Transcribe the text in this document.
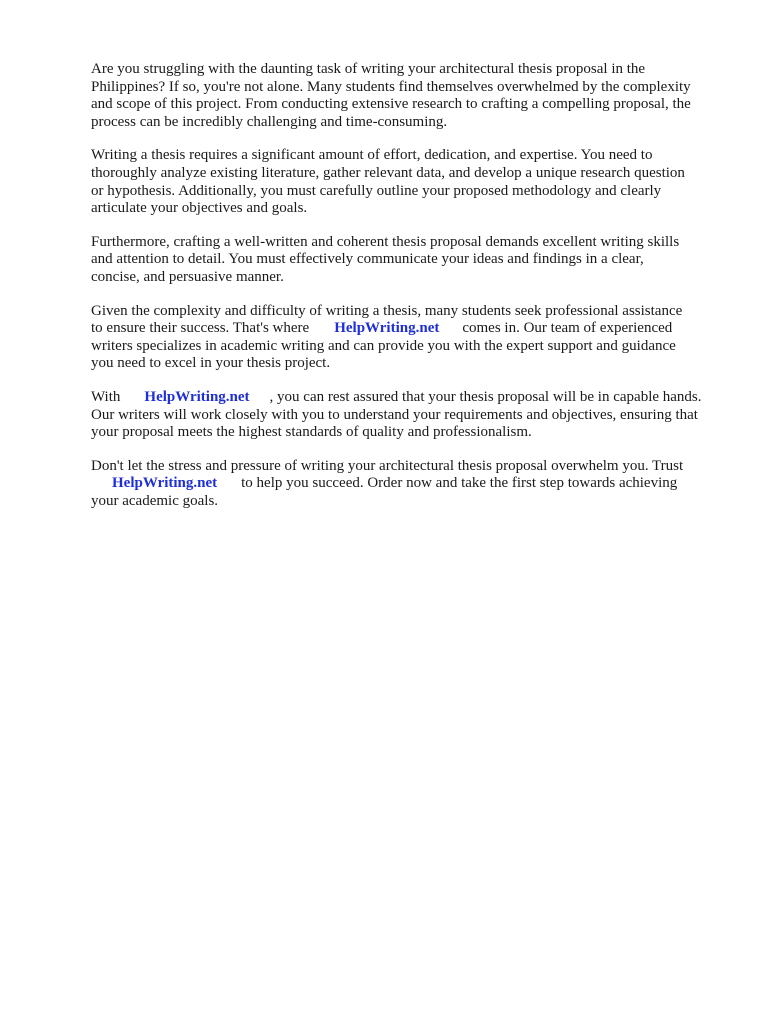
Are you struggling with the daunting task of writing your architectural thesis proposal in the
Philippines? If so, you're not alone. Many students find themselves overwhelmed by the complexity
and scope of this project. From conducting extensive research to crafting a compelling proposal, the
process can be incredibly challenging and time-consuming.

Writing a thesis requires a significant amount of effort, dedication, and expertise. You need to
thoroughly analyze existing literature, gather relevant data, and develop a unique research question
or hypothesis. Additionally, you must carefully outline your proposed methodology and clearly
articulate your objectives and goals.

Furthermore, crafting a well-written and coherent thesis proposal demands excellent writing skills
and attention to detail. You must effectively communicate your ideas and findings in a clear,
concise, and persuasive manner.

Given the complexity and difficulty of writing a thesis, many students seek professional assistance
to ensure their success. That's where HelpWriting.net comes in. Our team of experienced
writers specializes in academic writing and can provide you with the expert support and guidance
you need to excel in your thesis project.

With HelpWriting.net , you can rest assured that your thesis proposal will be in capable hands.
Our writers will work closely with you to understand your requirements and objectives, ensuring that
your proposal meets the highest standards of quality and professionalism.

Don't let the stress and pressure of writing your architectural thesis proposal overwhelm you. Trust
HelpWriting.net to help you succeed. Order now and take the first step towards achieving
your academic goals.
